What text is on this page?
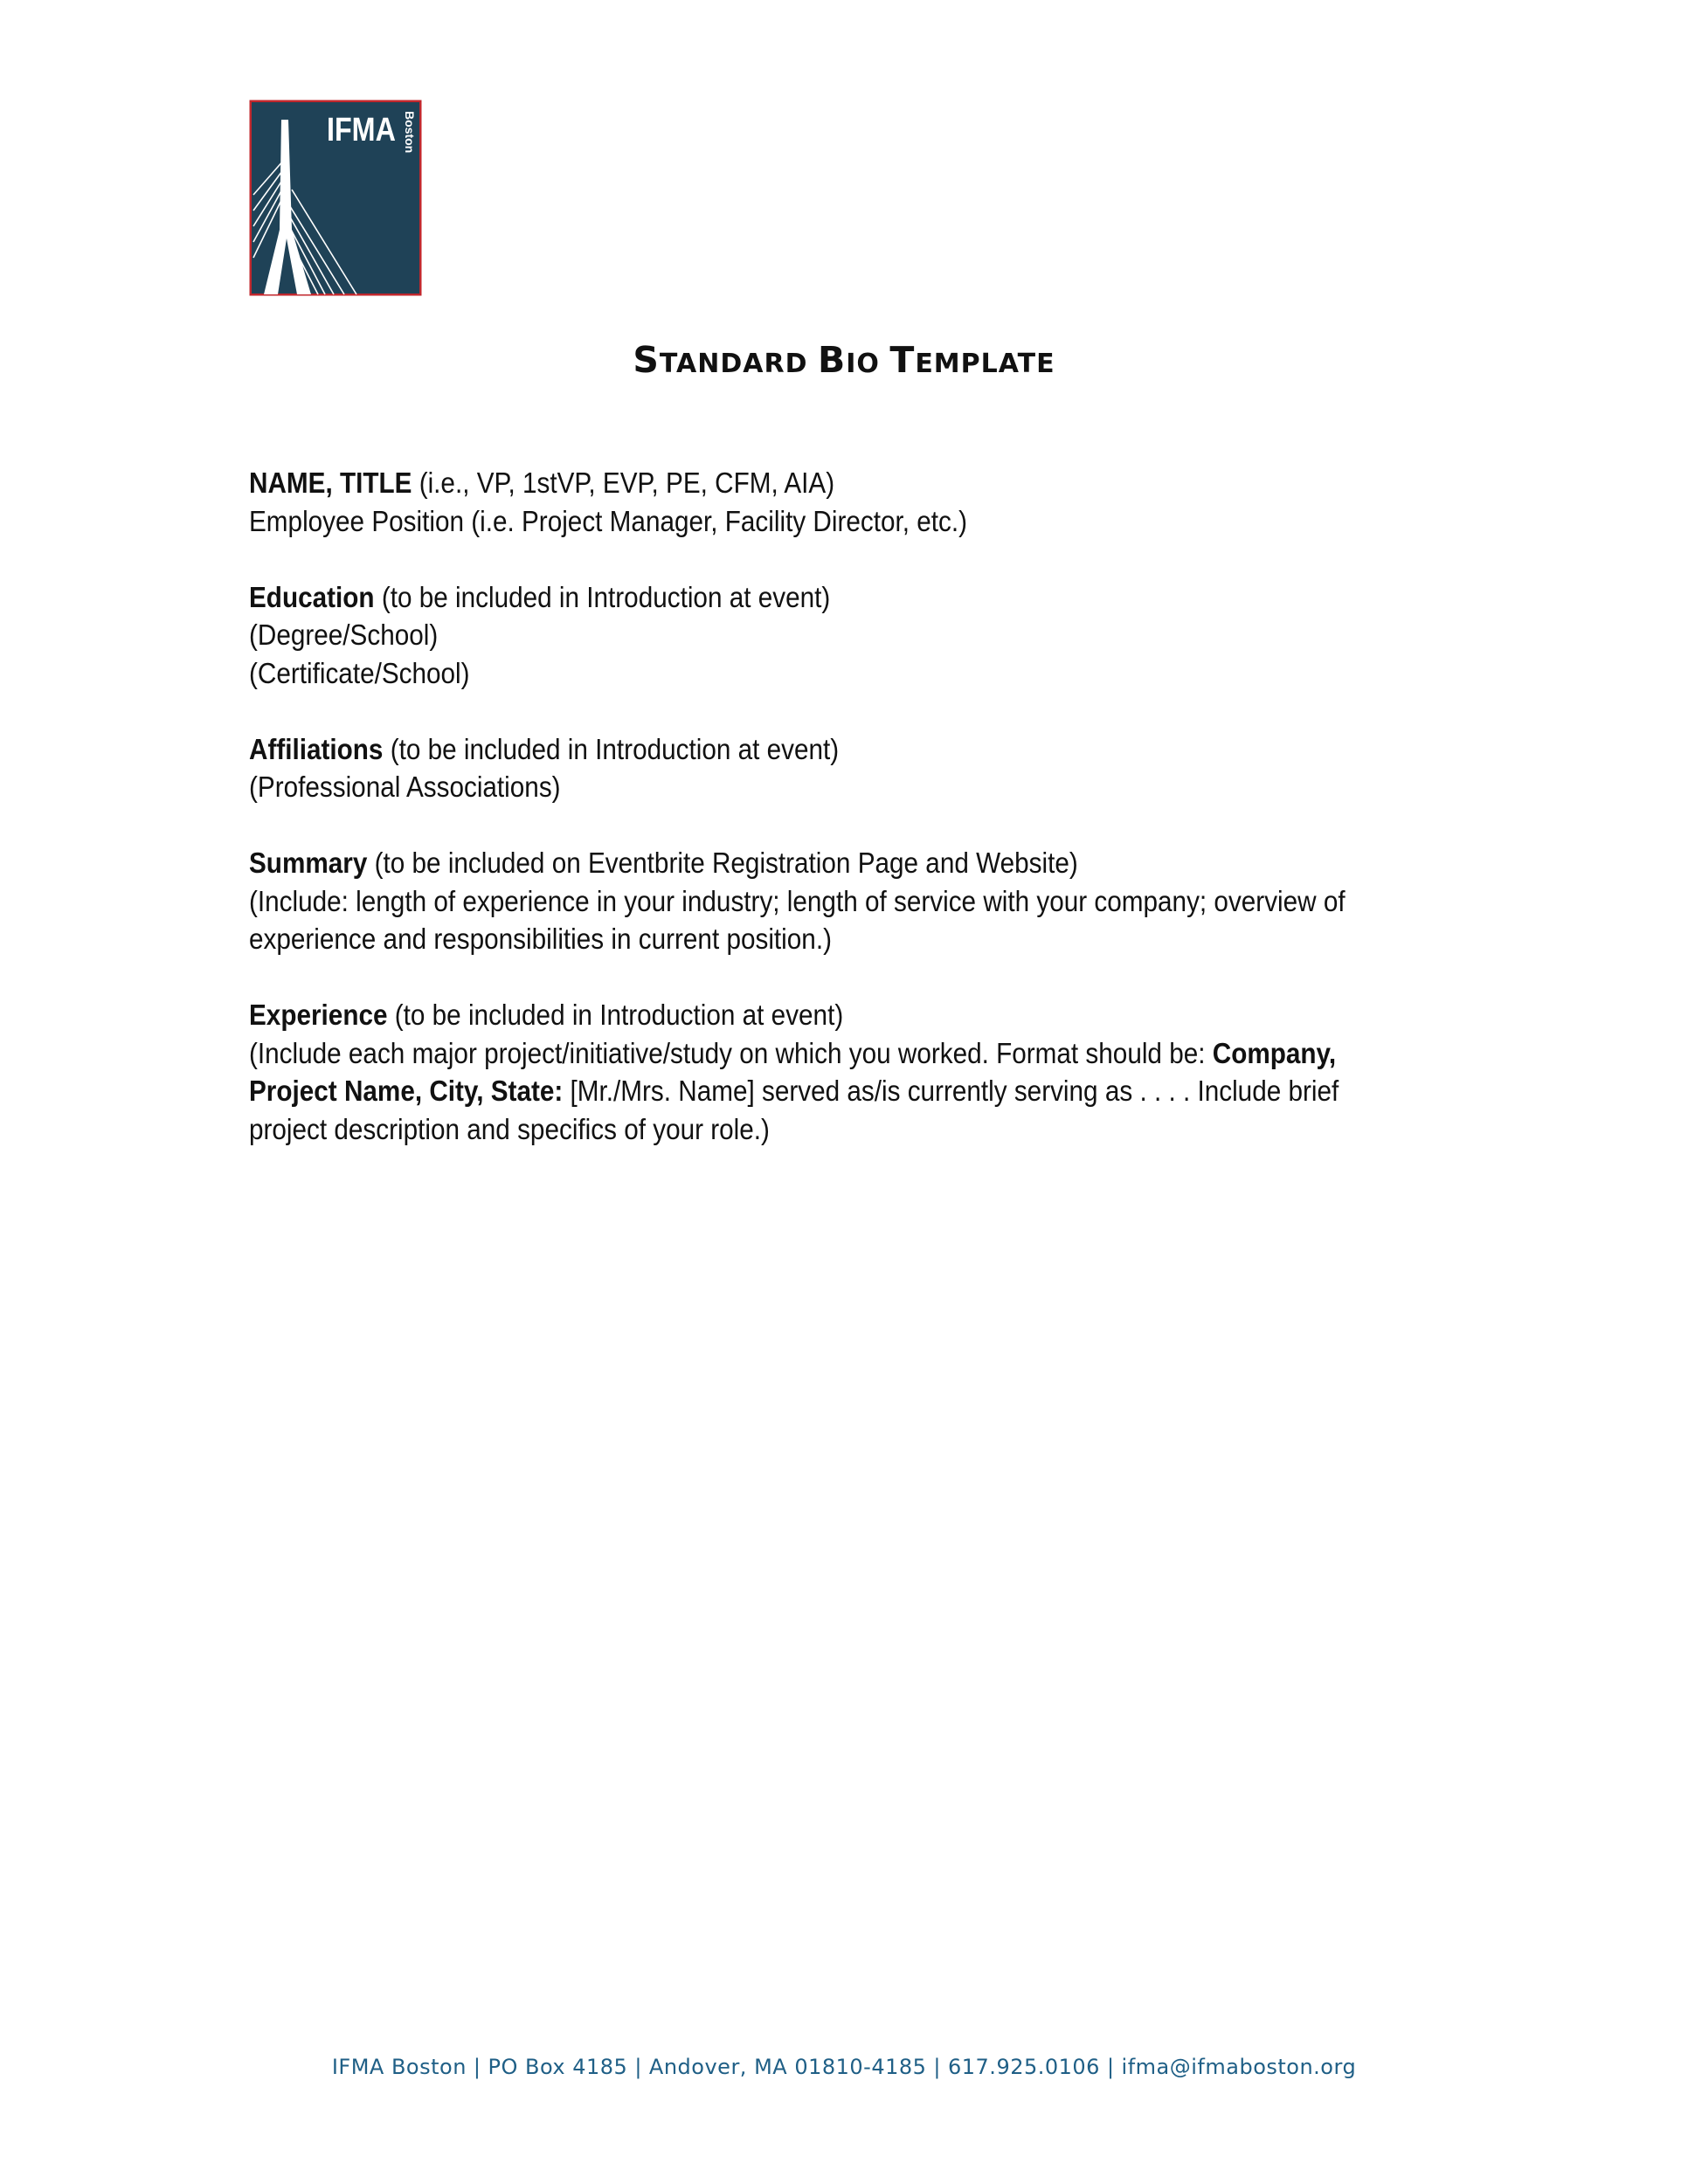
IFMA Boston
STANDARD BIO TEMPLATE

NAME, TITLE (i.e., VP, 1stVP, EVP, PE, CFM, AIA)

Employee Position (i.e. Project Manager, Facility Director, etc.)

Education (to be included in Introduction at event)

(Degree/School)

(Certificate/School)

Affiliations (to be included in Introduction at event)

(Professional Associations)

Summary (to be included on Eventbrite Registration Page and Website)

(Include: length of experience in your industry; length of service with your company; overview of experience and responsibilities in current position.)

Experience (to be included in Introduction at event)

(Include each major project/initiative/study on which you worked. Format should be: Company, Project Name, City, State: [Mr./Mrs. Name] served as/is currently serving as . . . . Include brief project description and specifics of your role.)

IFMA Boston | PO Box 4185 | Andover, MA 01810-4185 | 617.925.0106 | ifma@ifmaboston.org
